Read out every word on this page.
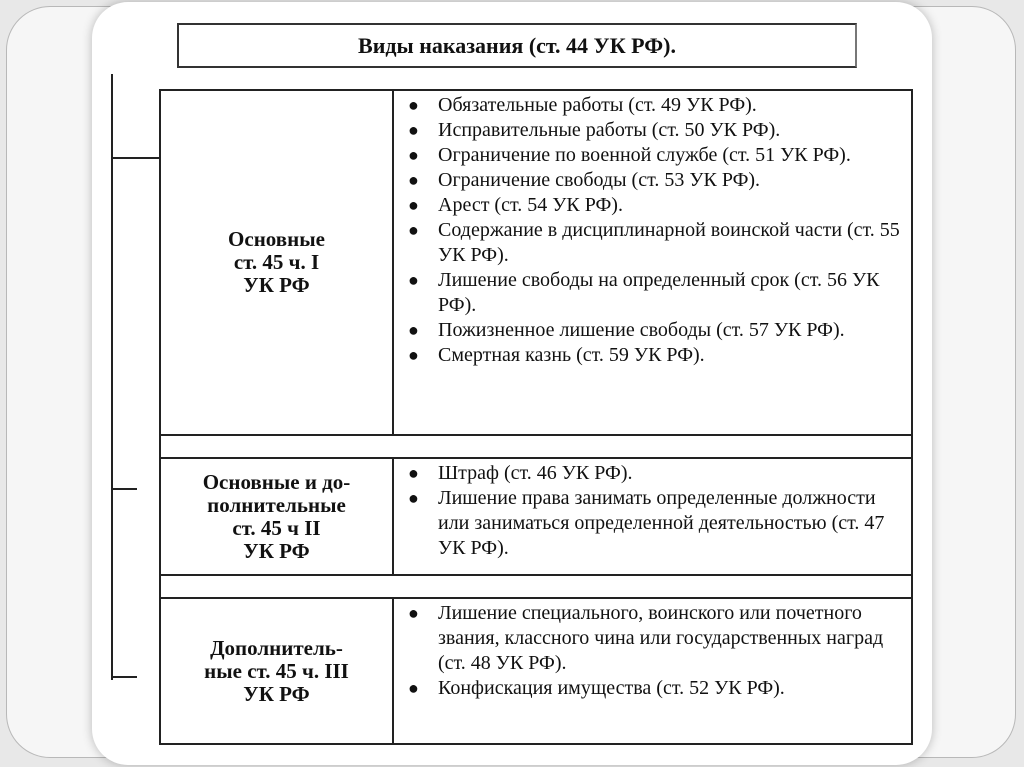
Виды наказания (ст. 44 УК РФ).
Основные
ст. 45 ч. I
УК РФ
● Обязательные работы (ст. 49 УК РФ).
● Исправительные работы (ст. 50 УК РФ).
● Ограничение по военной службе (ст. 51 УК РФ).
● Ограничение свободы (ст. 53 УК РФ).
● Арест (ст. 54 УК РФ).
● Содержание в дисциплинарной воинской части (ст. 55 УК РФ).
● Лишение свободы на определенный срок (ст. 56 УК РФ).
● Пожизненное лишение свободы (ст. 57 УК РФ).
● Смертная казнь (ст. 59 УК РФ).
Основные и до-
полнительные
ст. 45 ч II
УК РФ
● Штраф (ст. 46 УК РФ).
● Лишение права занимать определенные должности или заниматься определенной деятельностью (ст. 47 УК РФ).
Дополнитель-
ные ст. 45 ч. III
УК РФ
● Лишение специального, воинского или почетного звания, классного чина или государственных наград (ст. 48 УК РФ).
● Конфискация имущества (ст. 52 УК РФ).
